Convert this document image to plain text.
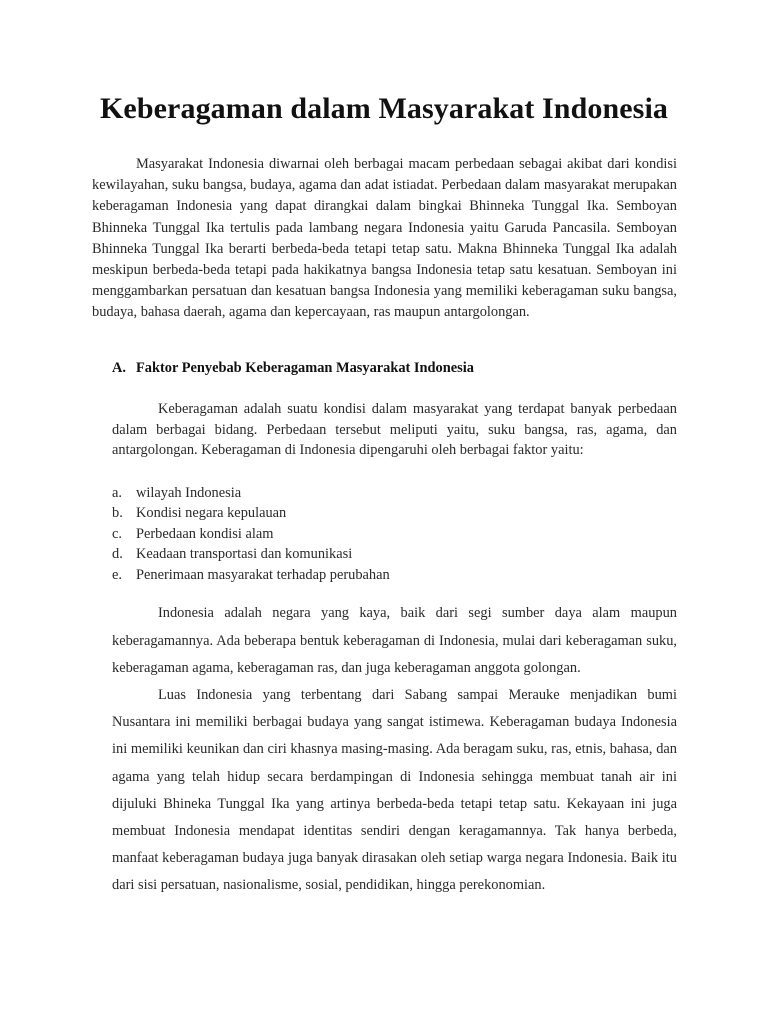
Keberagaman dalam Masyarakat Indonesia

Masyarakat Indonesia diwarnai oleh berbagai macam perbedaan sebagai akibat dari kondisi kewilayahan, suku bangsa, budaya, agama dan adat istiadat. Perbedaan dalam masyarakat merupakan keberagaman Indonesia yang dapat dirangkai dalam bingkai Bhinneka Tunggal Ika. Semboyan Bhinneka Tunggal Ika tertulis pada lambang negara Indonesia yaitu Garuda Pancasila. Semboyan Bhinneka Tunggal Ika berarti berbeda-beda tetapi tetap satu. Makna Bhinneka Tunggal Ika adalah meskipun berbeda-beda tetapi pada hakikatnya bangsa Indonesia tetap satu kesatuan. Semboyan ini menggambarkan persatuan dan kesatuan bangsa Indonesia yang memiliki keberagaman suku bangsa, budaya, bahasa daerah, agama dan kepercayaan, ras maupun antargolongan.

A. Faktor Penyebab Keberagaman Masyarakat Indonesia

Keberagaman adalah suatu kondisi dalam masyarakat yang terdapat banyak perbedaan dalam berbagai bidang. Perbedaan tersebut meliputi yaitu, suku bangsa, ras, agama, dan antargolongan. Keberagaman di Indonesia dipengaruhi oleh berbagai faktor yaitu:

a. wilayah Indonesia
b. Kondisi negara kepulauan
c. Perbedaan kondisi alam
d. Keadaan transportasi dan komunikasi
e. Penerimaan masyarakat terhadap perubahan

Indonesia adalah negara yang kaya, baik dari segi sumber daya alam maupun keberagamannya. Ada beberapa bentuk keberagaman di Indonesia, mulai dari keberagaman suku, keberagaman agama, keberagaman ras, dan juga keberagaman anggota golongan.

Luas Indonesia yang terbentang dari Sabang sampai Merauke menjadikan bumi Nusantara ini memiliki berbagai budaya yang sangat istimewa. Keberagaman budaya Indonesia ini memiliki keunikan dan ciri khasnya masing-masing. Ada beragam suku, ras, etnis, bahasa, dan agama yang telah hidup secara berdampingan di Indonesia sehingga membuat tanah air ini dijuluki Bhineka Tunggal Ika yang artinya berbeda-beda tetapi tetap satu. Kekayaan ini juga membuat Indonesia mendapat identitas sendiri dengan keragamannya. Tak hanya berbeda, manfaat keberagaman budaya juga banyak dirasakan oleh setiap warga negara Indonesia. Baik itu dari sisi persatuan, nasionalisme, sosial, pendidikan, hingga perekonomian.
